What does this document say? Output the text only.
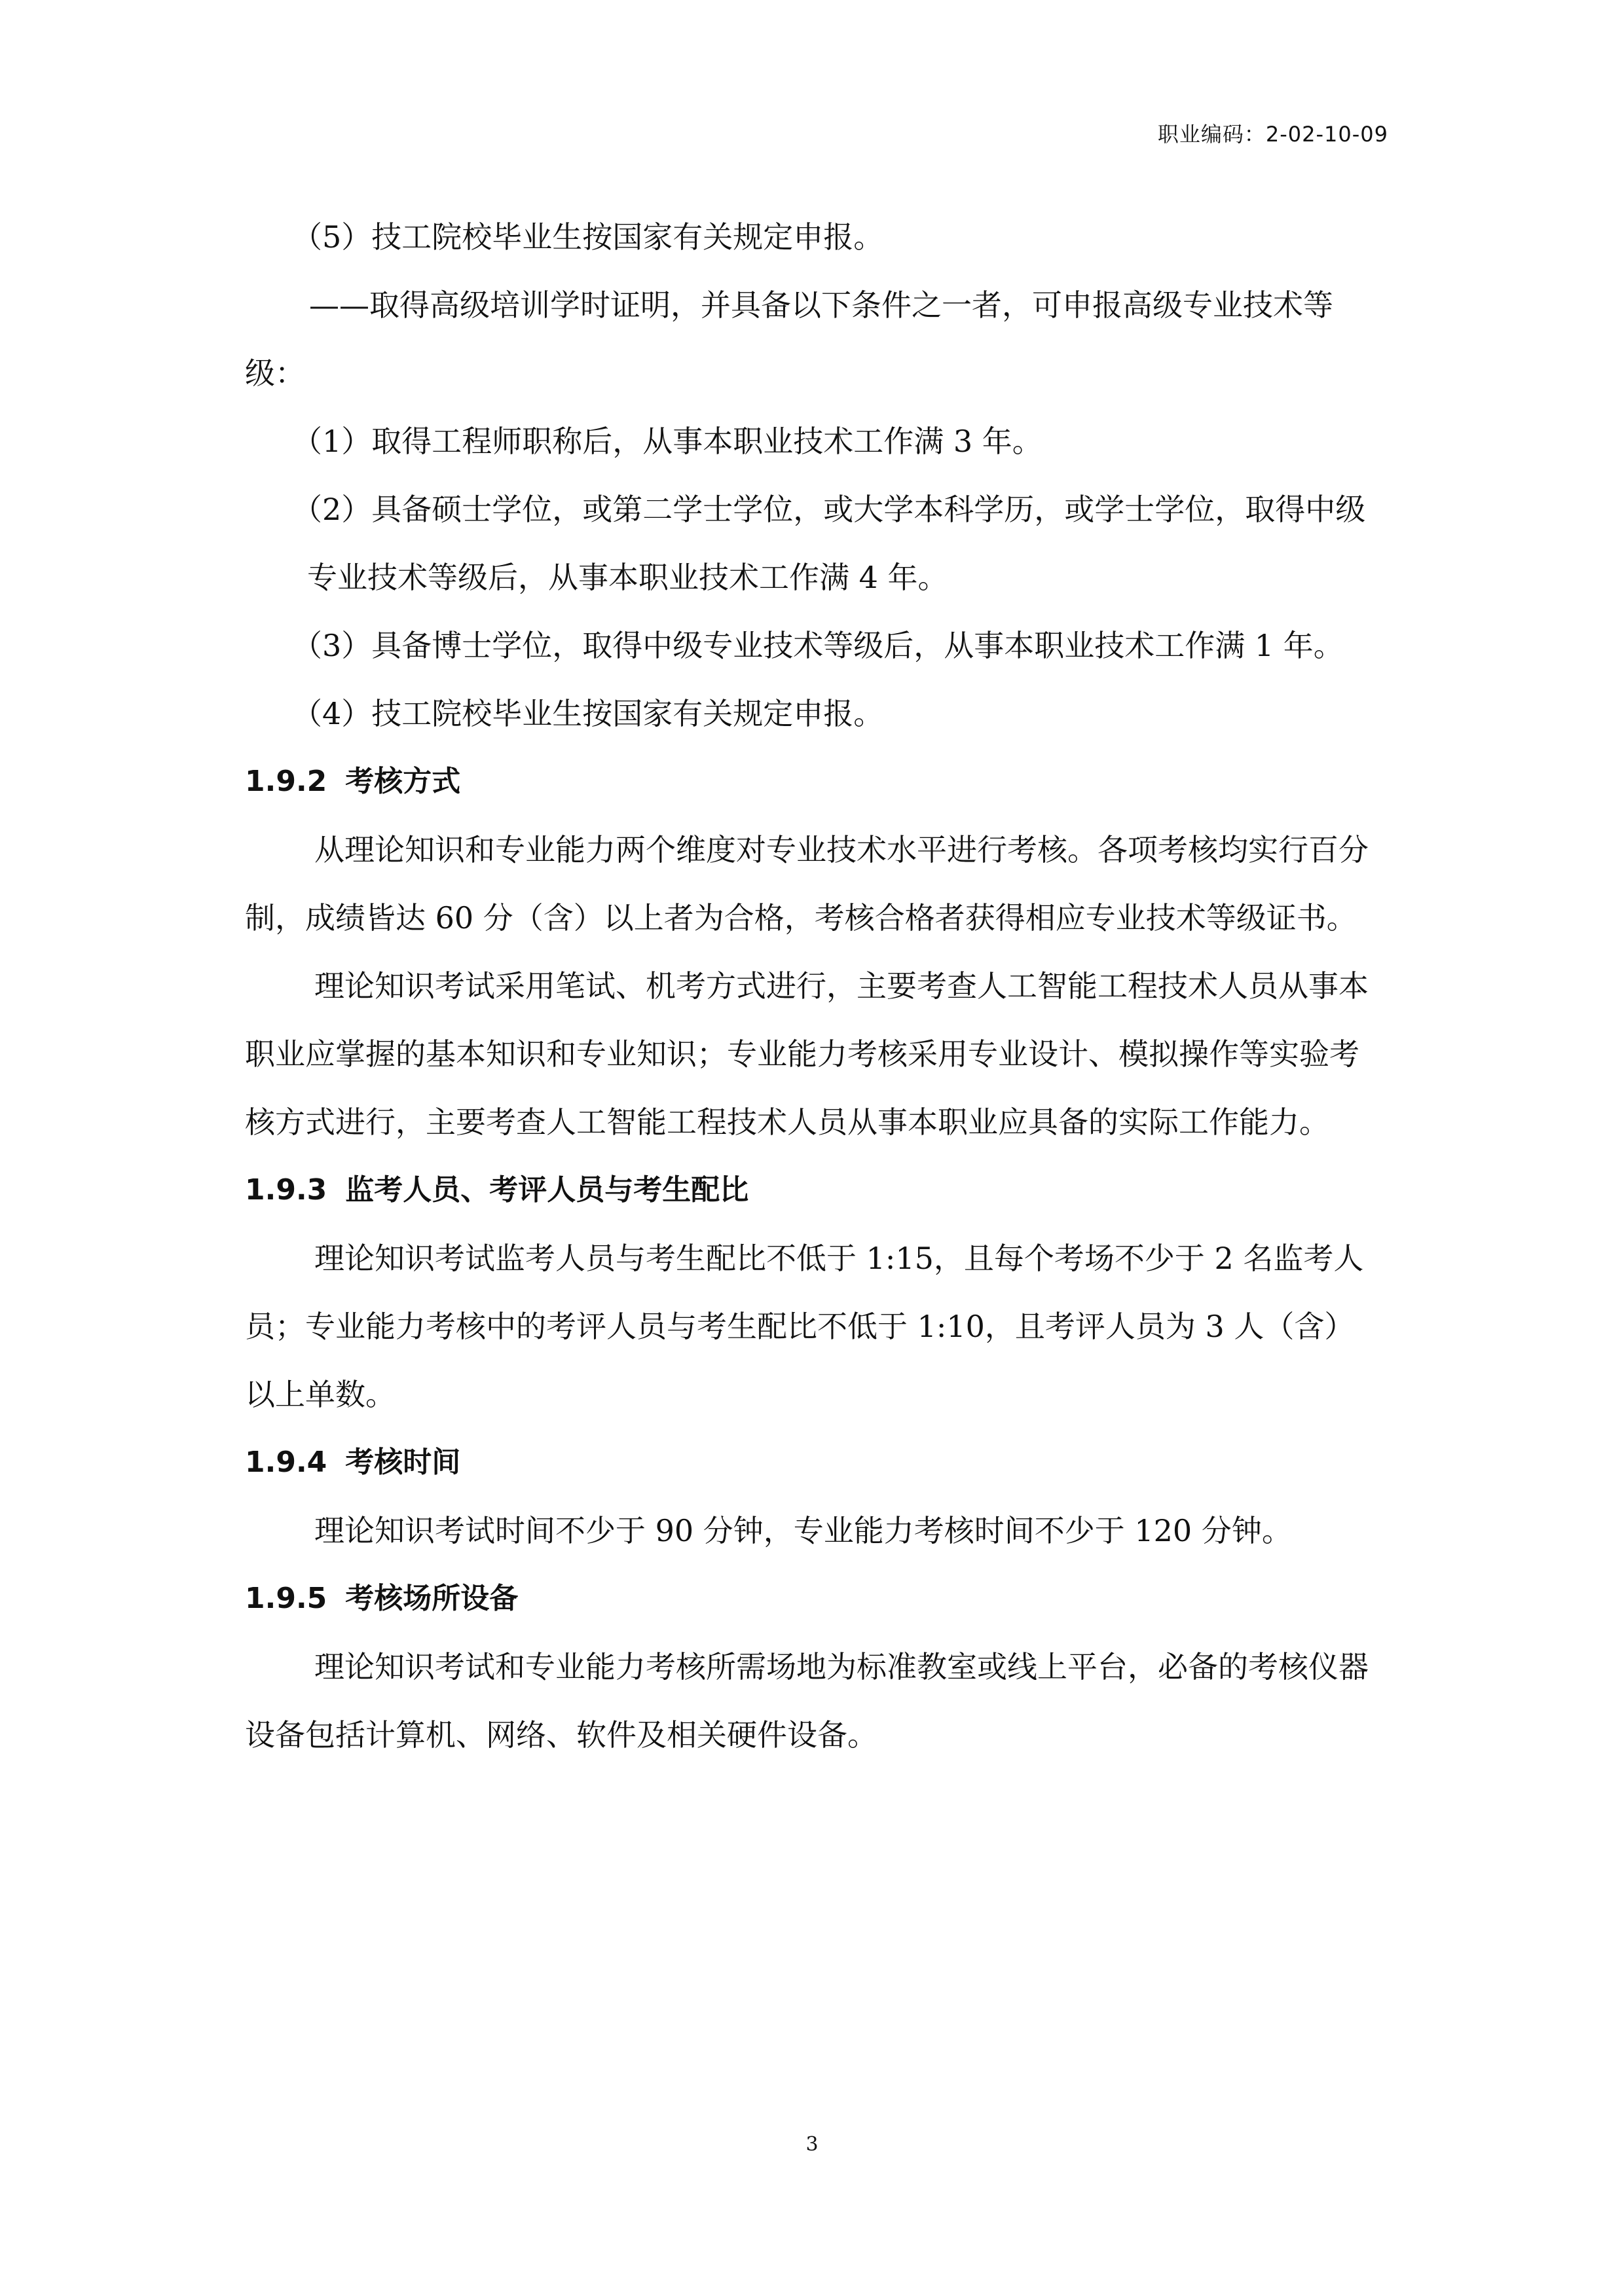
职业编码：2-02-10-09

（5）技工院校毕业生按国家有关规定申报。

——取得高级培训学时证明，并具备以下条件之一者，可申报高级专业技术等级：

（1）取得工程师职称后，从事本职业技术工作满 3 年。

（2）具备硕士学位，或第二学士学位，或大学本科学历，或学士学位，取得中级专业技术等级后，从事本职业技术工作满 4 年。

（3）具备博士学位，取得中级专业技术等级后，从事本职业技术工作满 1 年。

（4）技工院校毕业生按国家有关规定申报。

1.9.2 考核方式

从理论知识和专业能力两个维度对专业技术水平进行考核。各项考核均实行百分制，成绩皆达 60 分（含）以上者为合格，考核合格者获得相应专业技术等级证书。

理论知识考试采用笔试、机考方式进行，主要考查人工智能工程技术人员从事本职业应掌握的基本知识和专业知识；专业能力考核采用专业设计、模拟操作等实验考核方式进行，主要考查人工智能工程技术人员从事本职业应具备的实际工作能力。

1.9.3 监考人员、考评人员与考生配比

理论知识考试监考人员与考生配比不低于 1:15，且每个考场不少于 2 名监考人员；专业能力考核中的考评人员与考生配比不低于 1:10，且考评人员为 3 人（含）以上单数。

1.9.4 考核时间

理论知识考试时间不少于 90 分钟，专业能力考核时间不少于 120 分钟。

1.9.5 考核场所设备

理论知识考试和专业能力考核所需场地为标准教室或线上平台，必备的考核仪器设备包括计算机、网络、软件及相关硬件设备。

3
